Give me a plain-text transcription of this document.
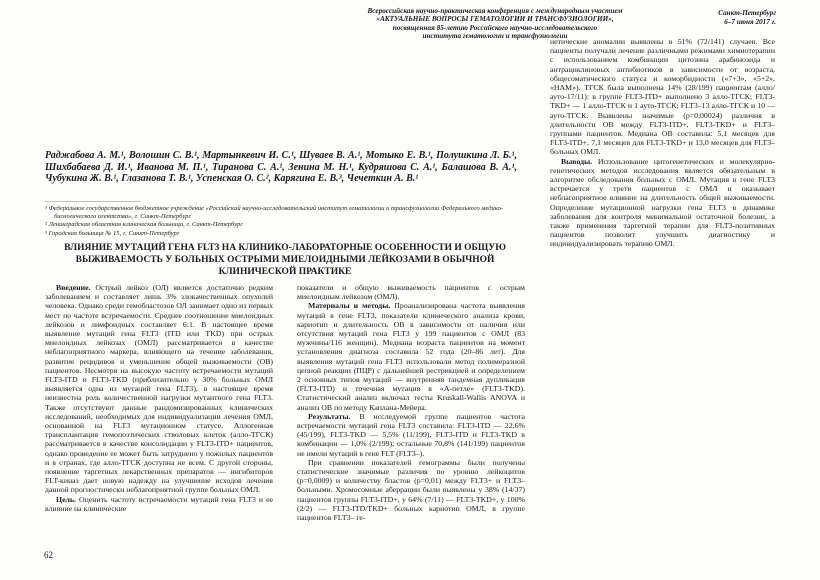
Всероссийская научно-практическая конференция с международным участием
«АКТУАЛЬНЫЕ ВОПРОСЫ ГЕМАТОЛОГИИ И ТРАНСФУЗИОЛОГИИ»,
посвященная 85-летию Российского научно-исследовательского
института гематологии и трансфузиологии
Санкт-Петербург
6–7 июня 2017 г.
Раджабова А. М.¹, Волошин С. В.¹, Мартынкевич И. С.¹, Шуваев В. А.¹, Мотыко Е. В.¹, Полушкина Л. Б.¹, Шихбабаева Д. И.¹, Иванова М. П.¹, Тиранова С. А.¹, Зенина М. Н.¹, Кудряшова С. А.¹, Балашова В. А.¹, Чубукина Ж. В.¹, Глазанова Т. В.¹, Успенская О. С.², Карягина Е. В.³, Чечеткин А. В.¹
¹ Федеральное государственное бюджетное учреждение «Российский научно-исследовательский институт гематологии и трансфузиологии Федерального медико-биологического агентства», г. Санкт-Петербург
² Ленинградская областная клиническая больница, г. Санкт-Петербург
³ Городская больница № 15, г. Санкт-Петербург
ВЛИЯНИЕ МУТАЦИЙ ГЕНА FLT3 НА КЛИНИКО-ЛАБОРАТОРНЫЕ ОСОБЕННОСТИ И ОБЩУЮ ВЫЖИВАЕМОСТЬ У БОЛЬНЫХ ОСТРЫМИ МИЕЛОИДНЫМИ ЛЕЙКОЗАМИ В ОБЫЧНОЙ КЛИНИЧЕСКОЙ ПРАКТИКЕ

Введение. Острый лейкоз (ОЛ) является достаточно редким заболеванием и составляет лишь 3% злокачественных опухолей человека. Однако среди гемобластозов ОЛ занимает одно из первых мест по частоте встречаемости. Среднее соотношение миелоидных лейкозов и лимфоидных составляет 6:1. В настоящее время выявление мутаций гена FLT3 (ITD или TKD) при острых миелоидных лейкозах (ОМЛ) рассматривается в качестве неблагоприятного маркера, влияющего на течение заболевания, развитие рецидивов и уменьшение общей выживаемости (ОВ) пациентов. Несмотря на высокую частоту встречаемости мутаций FLT3-ITD и FLT3-TKD (приблизительно у 30% больных ОМЛ выявляется одна из мутаций гена FLT3), в настоящее время неизвестна роль количественной нагрузки мутантного гена FLT3. Также отсутствуют данные рандомизированных клинических исследований, необходимых для индивидуализации лечения ОМЛ, основанной на FLT3 мутационном статусе. Аллогенная трансплантация гемопоэтических стволовых клеток (алло-ТГСК) рассматривается в качестве консолидации у FLT3-ITD+ пациентов, однако проведение ее может быть затруднено у пожилых пациентов и в странах, где алло-ТГСК доступна не всем. С другой стороны, появление таргетных лекарственных препаратов — ингибиторов FLT-киназ дает новую надежду на улучшение исходов лечения данной прогностически неблагоприятной группе больных ОМЛ.

Цель. Оценить частоту встречаемости мутаций гена FLT3 и ее влияние на клинические

показатели и общую выживаемость пациентов с острым миелоидным лейкозом (ОМЛ).

Материалы и методы. Проанализирована частота выявления мутаций в гене FLT3, показатели клинического анализа крови, кариотип и длительность ОВ в зависимости от наличия или отсутствия мутаций гена FLT3 у 199 пациентов с ОМЛ (83 мужчины/116 женщин). Медиана возраста пациентов на момент установления диагноза составила 52 года (20–86 лет). Для выявления мутаций гена FLT3 использовали метод полимеразной цепной реакции (ПЦР) с дальнейшей рестрикцией и определением 2 основных типов мутаций — внутренняя тандемная дупликация (FLT3-ITD) и точечная мутация в «А-петле» (FLT3-TKD). Статистический анализ включал тесты Kruskall-Wallis ANOVA и анализ ОВ по методу Каплана-Мейера.

Результаты. В исследуемой группе пациентов частота встречаемости мутаций гена FLT3 составила: FLT3-ITD — 22,6% (45/199), FLT3-TKD — 5,5% (11/199), FLT3-ITD и FLT3-TKD в комбинации — 1,0% (2/199); остальные 70,8% (141/199) пациентов не имели мутаций в гене FLT (FLT3–).

При сравнении показателей гемограммы были получены статистические значимые различия по уровню лейкоцитов (p=0,0009) и количеству бластов (p=0,01) между FLT3+ и FLT3– больными. Хромосомные аберрации были выявлены у 38% (14/37) пациентов группы FLT3-ITD+, у 64% (7/11) — FLT3-TKD+, у 100% (2/2) — FLT3-ITD/TKD+ больных кариотип ОМЛ, в группе пациентов FLT3– ге-

нетические аномалии выявлены в 51% (72/141) случаев. Все пациенты получали лечение различными режимами химиотерапии с использованием комбинации цитозина арабинозида и антрациклиновых антибиотиков в зависимости от возраста, общесоматического статуса и коморбидности («7+3», «5+2», «HAM»). ТГСК была выполнена 14% (28/199) пациентам (алло/ауто-17/11): в группе FLT3-ITD+ выполнено 3 алло-ТГСК; FLT3-TKD+ — 1 алло-ТГСК и 1 ауто-ТГСК; FLT3–13 алло-ТГСК и 10 — ауто-ТГСК. Выявлены значимые (p=0,00024) различия в длительности ОВ между FLT3-ITD+, FLT3-TKD+ и FLT3– группами пациентов. Медиана ОВ составила: 5,1 месяцев для FLT3-ITD+, 7,1 месяцев для FLT3-TKD+ и 13,0 месяцев для FLT3– больных ОМЛ.

Выводы. Использование цитогенетических и молекулярно-генетических методов исследования является обязательным в алгоритме обследования больных с ОМЛ. Мутация в гене FLT3 встречается у трети пациентов с ОМЛ и оказывает неблагоприятное влияние на длительность общей выживаемости. Определение мутационной нагрузки гена FLT3 в динамике заболевания для контроля минимальной остаточной болезни, а также применения таргетной терапии для FLT3-позитивных пациентов позволит улучшить диагностику и индивидуализировать терапию ОМЛ.

62
